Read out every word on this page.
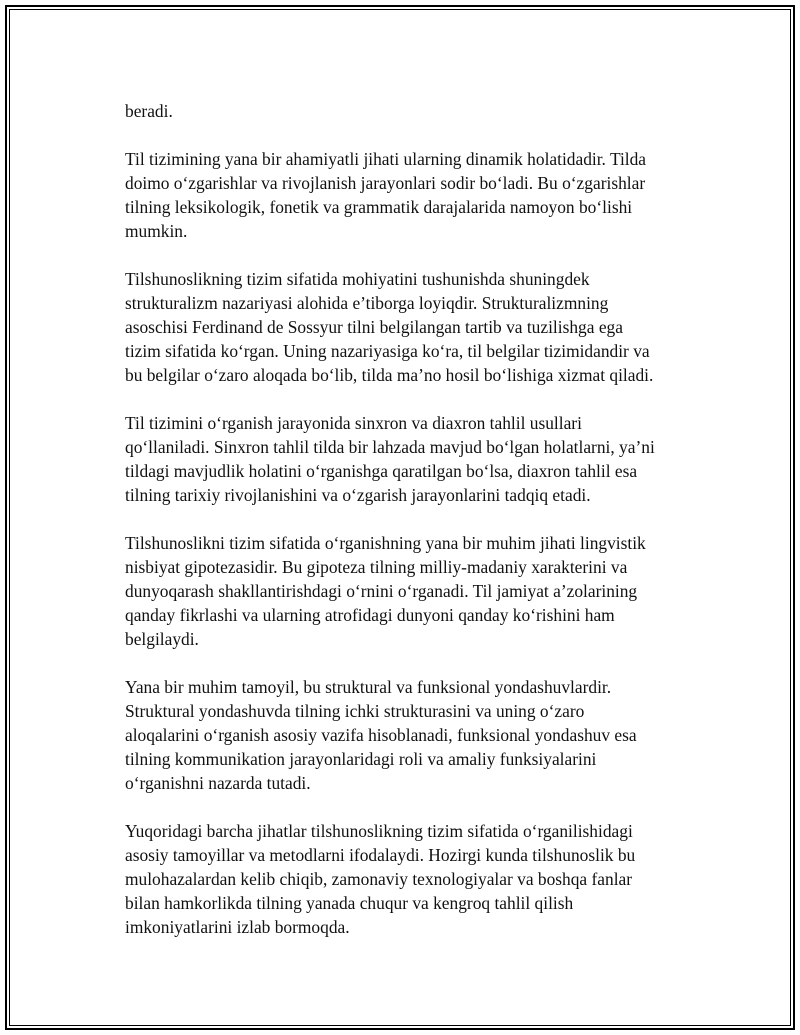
beradi.

Til tizimining yana bir ahamiyatli jihati ularning dinamik holatidadir. Tilda
doimo o‘zgarishlar va rivojlanish jarayonlari sodir bo‘ladi. Bu o‘zgarishlar
tilning leksikologik, fonetik va grammatik darajalarida namoyon bo‘lishi
mumkin.

Tilshunoslikning tizim sifatida mohiyatini tushunishda shuningdek
strukturalizm nazariyasi alohida e’tiborga loyiqdir. Strukturalizmning
asoschisi Ferdinand de Sossyur tilni belgilangan tartib va tuzilishga ega
tizim sifatida ko‘rgan. Uning nazariyasiga ko‘ra, til belgilar tizimidandir va
bu belgilar o‘zaro aloqada bo‘lib, tilda ma’no hosil bo‘lishiga xizmat qiladi.

Til tizimini o‘rganish jarayonida sinxron va diaxron tahlil usullari
qo‘llaniladi. Sinxron tahlil tilda bir lahzada mavjud bo‘lgan holatlarni, ya’ni
tildagi mavjudlik holatini o‘rganishga qaratilgan bo‘lsa, diaxron tahlil esa
tilning tarixiy rivojlanishini va o‘zgarish jarayonlarini tadqiq etadi.

Tilshunoslikni tizim sifatida o‘rganishning yana bir muhim jihati lingvistik
nisbiyat gipotezasidir. Bu gipoteza tilning milliy-madaniy xarakterini va
dunyoqarash shakllantirishdagi o‘rnini o‘rganadi. Til jamiyat a’zolarining
qanday fikrlashi va ularning atrofidagi dunyoni qanday ko‘rishini ham
belgilaydi.

Yana bir muhim tamoyil, bu struktural va funksional yondashuvlardir.
Struktural yondashuvda tilning ichki strukturasini va uning o‘zaro
aloqalarini o‘rganish asosiy vazifa hisoblanadi, funksional yondashuv esa
tilning kommunikation jarayonlaridagi roli va amaliy funksiyalarini
o‘rganishni nazarda tutadi.

Yuqoridagi barcha jihatlar tilshunoslikning tizim sifatida o‘rganilishidagi
asosiy tamoyillar va metodlarni ifodalaydi. Hozirgi kunda tilshunoslik bu
mulohazalardan kelib chiqib, zamonaviy texnologiyalar va boshqa fanlar
bilan hamkorlikda tilning yanada chuqur va kengroq tahlil qilish
imkoniyatlarini izlab bormoqda.
